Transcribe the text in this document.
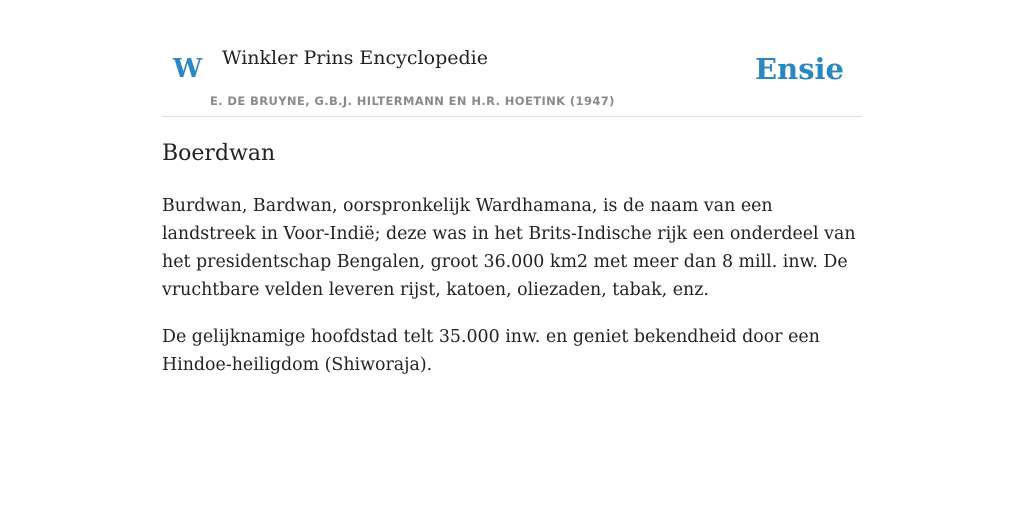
W Winkler Prins Encyclopedie
E. DE BRUYNE, G.B.J. HILTERMANN EN H.R. HOETINK (1947)
Ensie
Boerdwan

Burdwan, Bardwan, oorspronkelijk Wardhamana, is de naam van een landstreek in Voor-Indië; deze was in het Brits-Indische rijk een onderdeel van het presidentschap Bengalen, groot 36.000 km2 met meer dan 8 mill. inw. De vruchtbare velden leveren rijst, katoen, oliezaden, tabak, enz.

De gelijknamige hoofdstad telt 35.000 inw. en geniet bekendheid door een Hindoe-heiligdom (Shiworaja).
